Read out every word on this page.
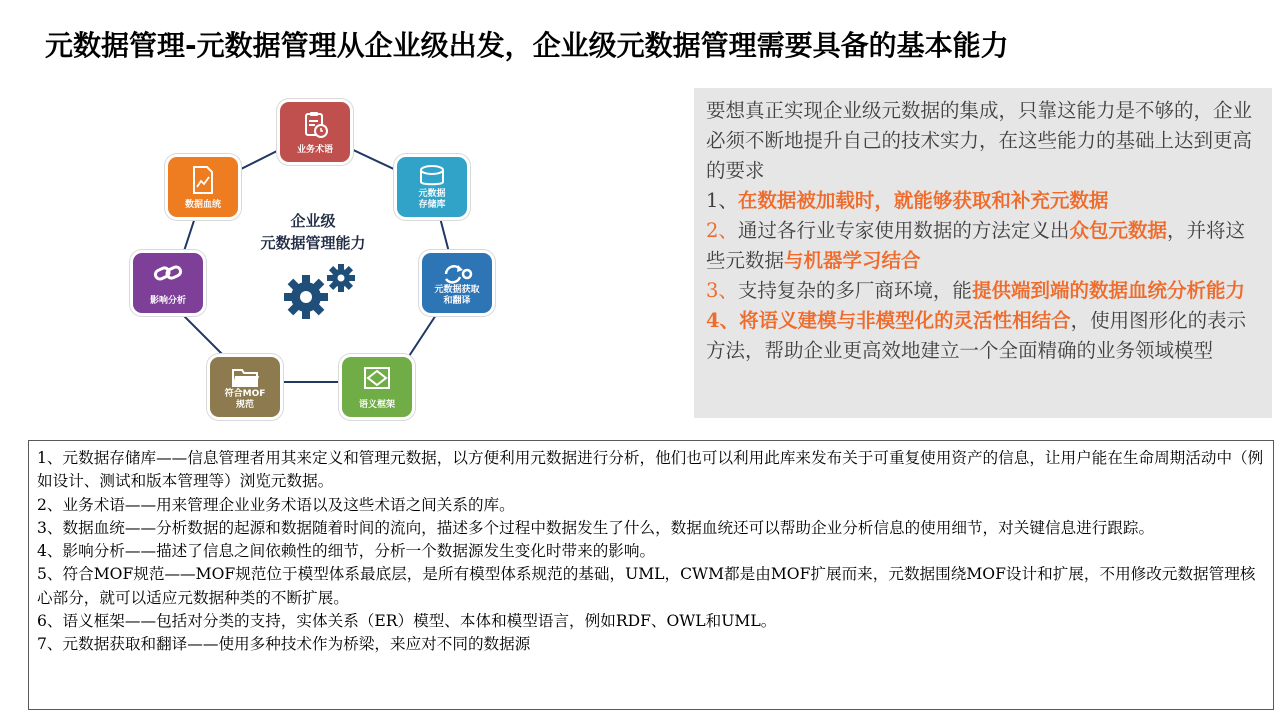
元数据管理-元数据管理从企业级出发，企业级元数据管理需要具备的基本能力
业务术语
元数据
存储库
元数据获取
和翻译
语义框架
符合MOF
规范
影响分析
数据血统
企业级
元数据管理能力
要想真正实现企业级元数据的集成，只靠这能力是不够的，企业必须不断地提升自己的技术实力，在这些能力的基础上达到更高的要求
1、在数据被加载时，就能够获取和补充元数据
2、通过各行业专家使用数据的方法定义出众包元数据，并将这些元数据与机器学习结合
3、支持复杂的多厂商环境，能提供端到端的数据血统分析能力
4、将语义建模与非模型化的灵活性相结合，使用图形化的表示方法，帮助企业更高效地建立一个全面精确的业务领域模型

1、元数据存储库——信息管理者用其来定义和管理元数据，以方便利用元数据进行分析，他们也可以利用此库来发布关于可重复使用资产的信息，让用户能在生命周期活动中（例如设计、测试和版本管理等）浏览元数据。

2、业务术语——用来管理企业业务术语以及这些术语之间关系的库。

3、数据血统——分析数据的起源和数据随着时间的流向，描述多个过程中数据发生了什么，数据血统还可以帮助企业分析信息的使用细节，对关键信息进行跟踪。

4、影响分析——描述了信息之间依赖性的细节，分析一个数据源发生变化时带来的影响。

5、符合MOF规范——MOF规范位于模型体系最底层，是所有模型体系规范的基础，UML，CWM都是由MOF扩展而来，元数据围绕MOF设计和扩展，不用修改元数据管理核心部分，就可以适应元数据种类的不断扩展。

6、语义框架——包括对分类的支持，实体关系（ER）模型、本体和模型语言，例如RDF、OWL和UML。

7、元数据获取和翻译——使用多种技术作为桥梁，来应对不同的数据源
